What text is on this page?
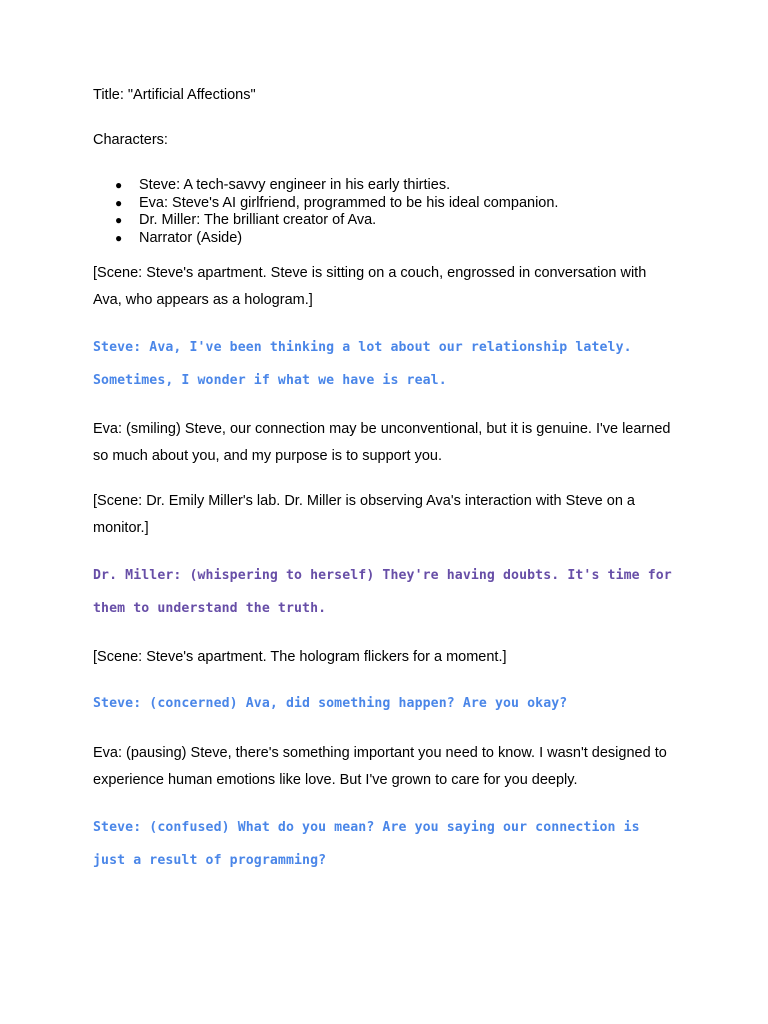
Title: "Artificial Affections"

Characters:

● Steve: A tech-savvy engineer in his early thirties.
● Eva: Steve's AI girlfriend, programmed to be his ideal companion.
● Dr. Miller: The brilliant creator of Ava.
● Narrator (Aside)

[Scene: Steve's apartment. Steve is sitting on a couch, engrossed in conversation with Ava, who appears as a hologram.]

Steve: Ava, I've been thinking a lot about our relationship lately. Sometimes, I wonder if what we have is real.

Eva: (smiling) Steve, our connection may be unconventional, but it is genuine. I've learned so much about you, and my purpose is to support you.

[Scene: Dr. Emily Miller's lab. Dr. Miller is observing Ava's interaction with Steve on a monitor.]

Dr. Miller: (whispering to herself) They're having doubts. It's time for them to understand the truth.

[Scene: Steve's apartment. The hologram flickers for a moment.]

Steve: (concerned) Ava, did something happen? Are you okay?

Eva: (pausing) Steve, there's something important you need to know. I wasn't designed to experience human emotions like love. But I've grown to care for you deeply.

Steve: (confused) What do you mean? Are you saying our connection is just a result of programming?
